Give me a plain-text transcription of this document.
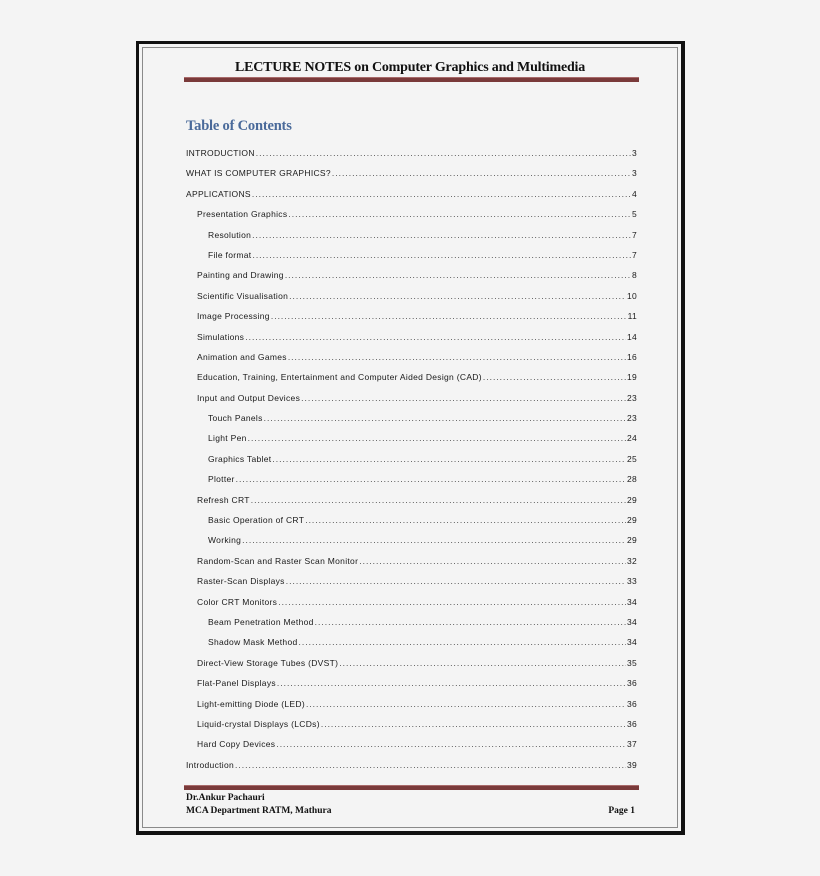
LECTURE NOTES on Computer Graphics and Multimedia
Table of Contents
INTRODUCTION .....	3
WHAT IS COMPUTER GRAPHICS? .....	3
APPLICATIONS .....	4
Presentation Graphics .....	5
Resolution .....	7
File format .....	7
Painting and Drawing .....	8
Scientific Visualisation .....	10
Image Processing .....	11
Simulations .....	14
Animation and Games .....	16
Education, Training, Entertainment and Computer Aided Design (CAD) .....	19
Input and Output Devices .....	23
Touch Panels .....	23
Light Pen .....	24
Graphics Tablet .....	25
Plotter .....	28
Refresh CRT .....	29
Basic Operation of CRT .....	29
Working .....	29
Random-Scan and Raster Scan Monitor .....	32
Raster-Scan Displays .....	33
Color CRT Monitors .....	34
Beam Penetration Method .....	34
Shadow Mask Method .....	34
Direct-View Storage Tubes (DVST) .....	35
Flat-Panel Displays .....	36
Light-emitting Diode (LED) .....	36
Liquid-crystal Displays (LCDs) .....	36
Hard Copy Devices .....	37
Introduction .....	39
Dr.Ankur Pachauri
MCA Department RATM, Mathura	Page 1
